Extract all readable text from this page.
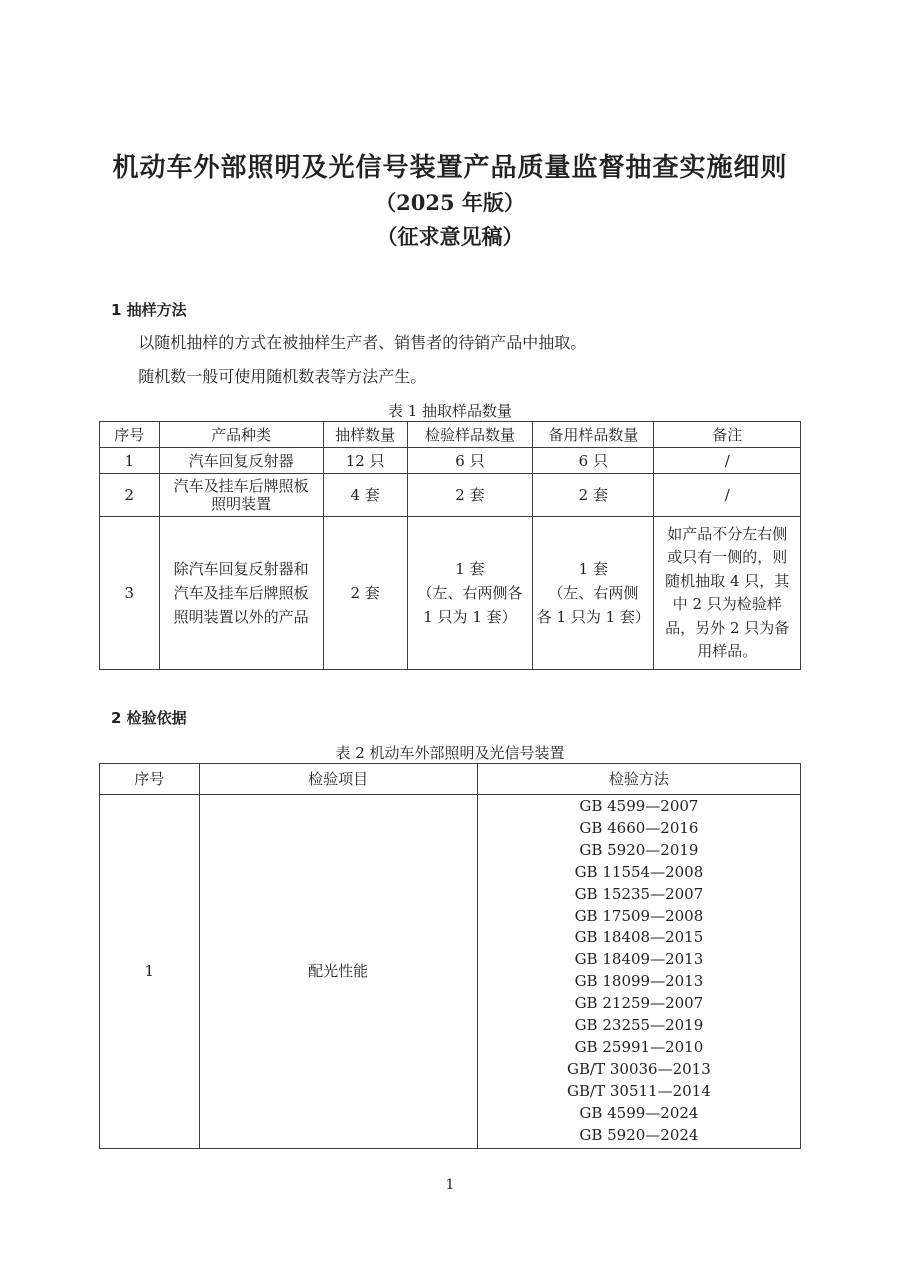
机动车外部照明及光信号装置产品质量监督抽查实施细则
（2025 年版）
（征求意见稿）
1 抽样方法

以随机抽样的方式在被抽样生产者、销售者的待销产品中抽取。

随机数一般可使用随机数表等方法产生。

表 1 抽取样品数量

序号	产品种类	抽样数量	检验样品数量	备用样品数量	备注
1	汽车回复反射器	12 只	6 只	6 只	/
2	汽车及挂车后牌照板
照明装置	4 套	2 套	2 套	/
3	除汽车回复反射器和
汽车及挂车后牌照板
照明装置以外的产品	2 套	1 套
（左、右两侧各
1 只为 1 套）	1 套
（左、右两侧
各 1 只为 1 套）	如产品不分左右侧
或只有一侧的，则
随机抽取 4 只，其
中 2 只为检验样
品，另外 2 只为备
用样品。
2 检验依据

表 2 机动车外部照明及光信号装置

序号	检验项目	检验方法
1	配光性能	GB 4599—2007
GB 4660—2016
GB 5920—2019
GB 11554—2008
GB 15235—2007
GB 17509—2008
GB 18408—2015
GB 18409—2013
GB 18099—2013
GB 21259—2007
GB 23255—2019
GB 25991—2010
GB/T 30036—2013
GB/T 30511—2014
GB 4599—2024
GB 5920—2024
1
